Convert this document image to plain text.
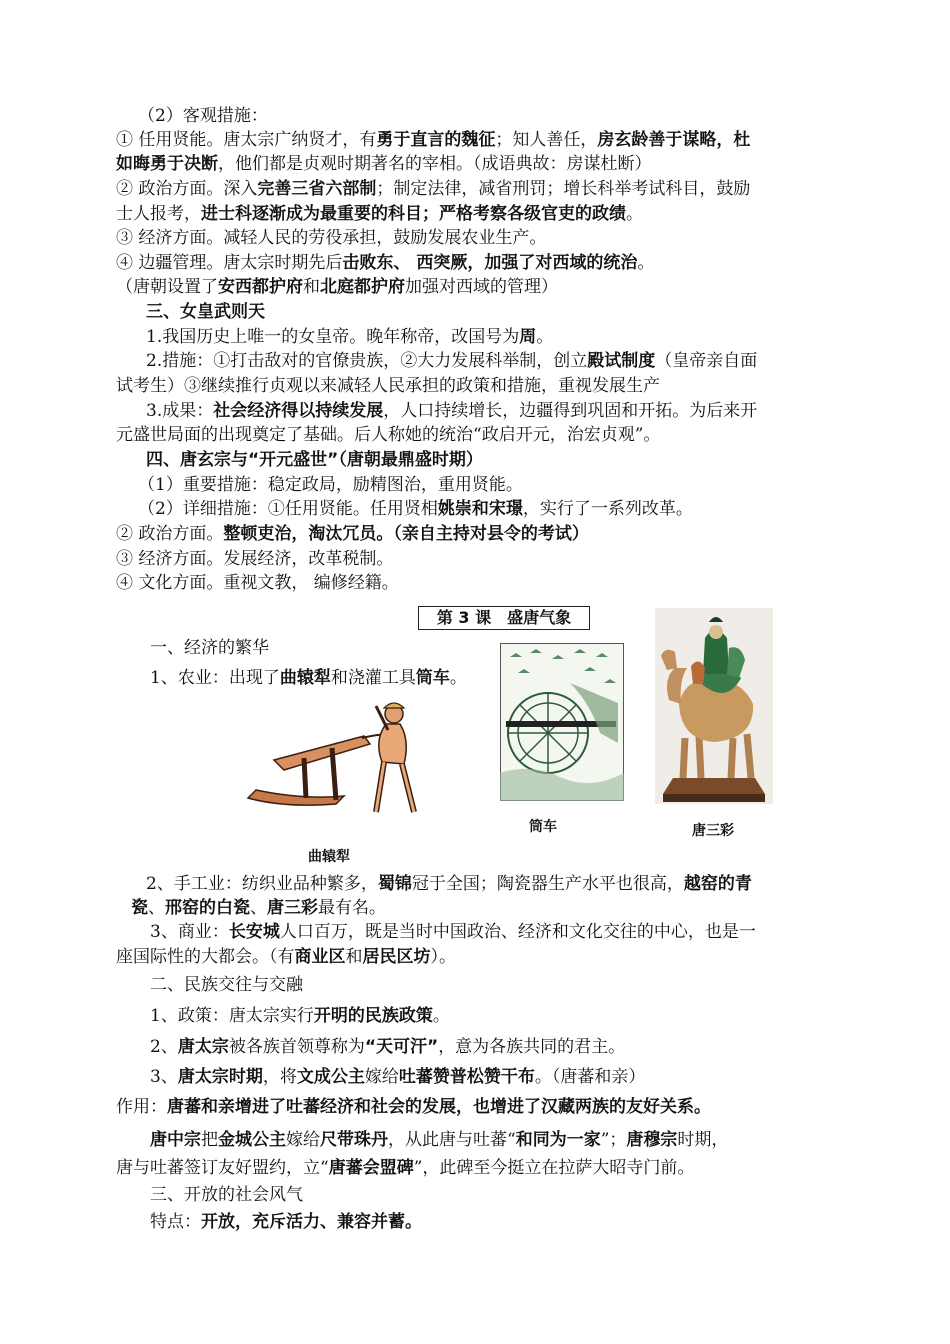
（2）客观措施：
① 任用贤能。唐太宗广纳贤才，有勇于直言的魏征；知人善任，房玄龄善于谋略，杜
如晦勇于决断，他们都是贞观时期著名的宰相。（成语典故：房谋杜断）
② 政治方面。深入完善三省六部制；制定法律，减省刑罚；增长科举考试科目，鼓励
士人报考，进士科逐渐成为最重要的科目；严格考察各级官吏的政绩。
③ 经济方面。减轻人民的劳役承担，鼓励发展农业生产。
④ 边疆管理。唐太宗时期先后击败东、 西突厥，加强了对西域的统治。
（唐朝设置了安西都护府和北庭都护府加强对西域的管理）
三、女皇武则天
1.我国历史上唯一的女皇帝。晚年称帝，改国号为周。
2.措施：①打击敌对的官僚贵族，②大力发展科举制，创立殿试制度（皇帝亲自面
试考生）③继续推行贞观以来减轻人民承担的政策和措施，重视发展生产
3.成果：社会经济得以持续发展，人口持续增长，边疆得到巩固和开拓。为后来开
元盛世局面的出现奠定了基础。后人称她的统治“政启开元，治宏贞观”。
四、唐玄宗与“开元盛世”（唐朝最鼎盛时期）
（1）重要措施：稳定政局，励精图治，重用贤能。
（2）详细措施：①任用贤能。任用贤相姚崇和宋璟，实行了一系列改革。
② 政治方面。整顿吏治，淘汰冗员。（亲自主持对县令的考试）
③ 经济方面。发展经济，改革税制。
④ 文化方面。重视文教， 编修经籍。
第 3 课　盛唐气象
一、经济的繁华
1、农业：出现了曲辕犁和浇灌工具筒车。
曲辕犁
筒车	唐三彩
2、手工业：纺织业品种繁多，蜀锦冠于全国；陶瓷器生产水平也很高，越窑的青
瓷、邢窑的白瓷、唐三彩最有名。
3、商业：长安城人口百万，既是当时中国政治、经济和文化交往的中心，也是一
座国际性的大都会。（有商业区和居民区坊）。
二、民族交往与交融
1、政策：唐太宗实行开明的民族政策。
2、唐太宗被各族首领尊称为“天可汗”，意为各族共同的君主。
3、唐太宗时期，将文成公主嫁给吐蕃赞普松赞干布。（唐蕃和亲）
作用：唐蕃和亲增进了吐蕃经济和社会的发展，也增进了汉藏两族的友好关系。
唐中宗把金城公主嫁给尺带珠丹，从此唐与吐蕃“和同为一家”；唐穆宗时期，
唐与吐蕃签订友好盟约，立“唐蕃会盟碑”，此碑至今挺立在拉萨大昭寺门前。
三、开放的社会风气
特点：开放，充斥活力、兼容并蓄。
